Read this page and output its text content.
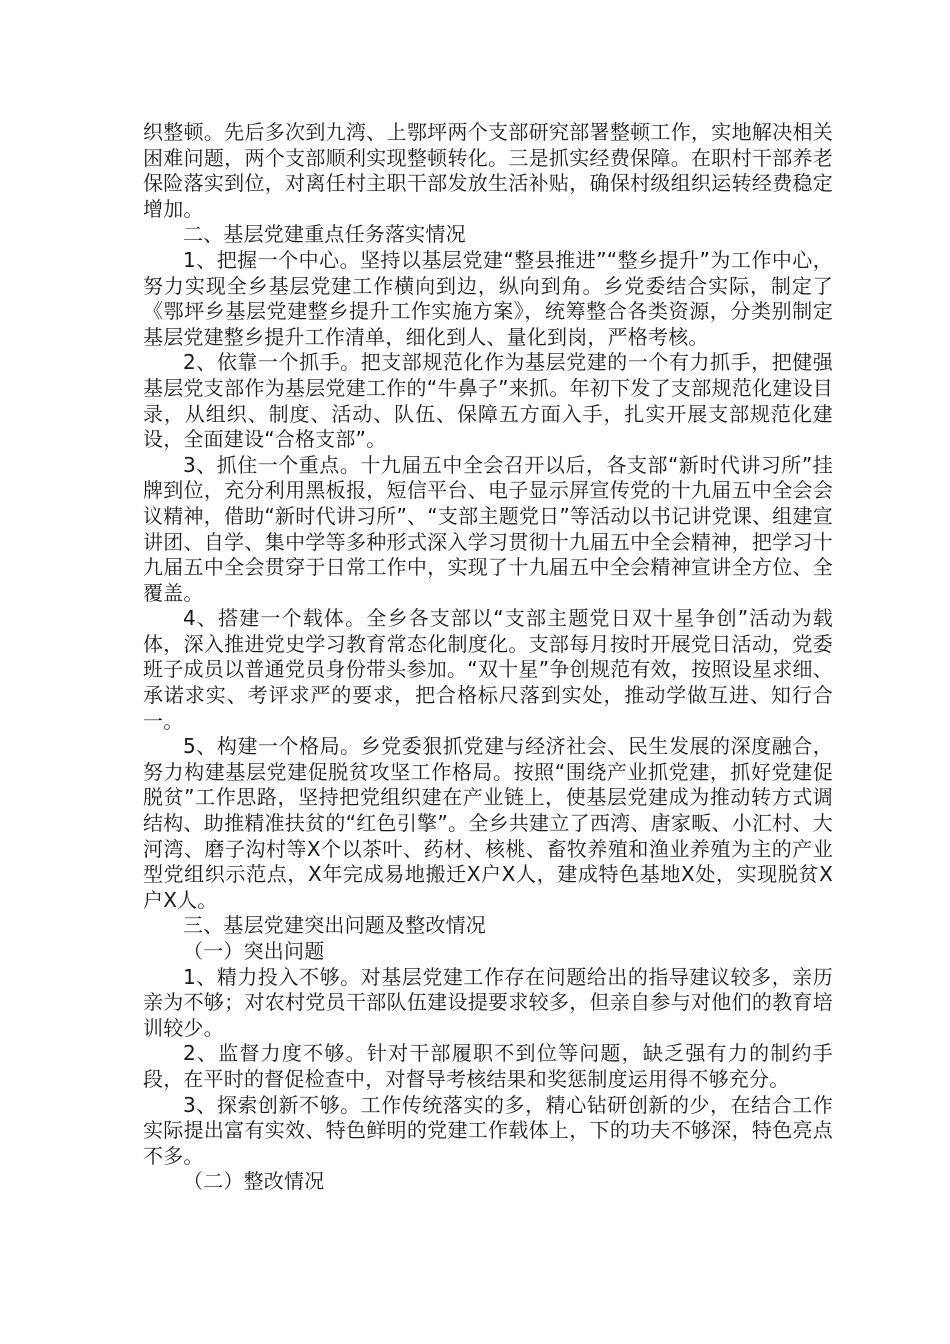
织整顿。先后多次到九湾、上鄂坪两个支部研究部署整顿工作，实地解决相关困难问题，两个支部顺利实现整顿转化。三是抓实经费保障。在职村干部养老保险落实到位，对离任村主职干部发放生活补贴，确保村级组织运转经费稳定增加。

二、基层党建重点任务落实情况

1、把握一个中心。坚持以基层党建“整县推进”“整乡提升”为工作中心，努力实现全乡基层党建工作横向到边，纵向到角。乡党委结合实际，制定了《鄂坪乡基层党建整乡提升工作实施方案》，统筹整合各类资源，分类别制定基层党建整乡提升工作清单，细化到人、量化到岗，严格考核。

2、依靠一个抓手。把支部规范化作为基层党建的一个有力抓手，把健强基层党支部作为基层党建工作的“牛鼻子”来抓。年初下发了支部规范化建设目录，从组织、制度、活动、队伍、保障五方面入手，扎实开展支部规范化建设，全面建设“合格支部”。

3、抓住一个重点。十九届五中全会召开以后，各支部“新时代讲习所”挂牌到位，充分利用黑板报，短信平台、电子显示屏宣传党的十九届五中全会会议精神，借助“新时代讲习所”、“支部主题党日”等活动以书记讲党课、组建宣讲团、自学、集中学等多种形式深入学习贯彻十九届五中全会精神，把学习十九届五中全会贯穿于日常工作中，实现了十九届五中全会精神宣讲全方位、全覆盖。

4、搭建一个载体。全乡各支部以“支部主题党日双十星争创”活动为载体，深入推进党史学习教育常态化制度化。支部每月按时开展党日活动，党委班子成员以普通党员身份带头参加。“双十星”争创规范有效，按照设星求细、承诺求实、考评求严的要求，把合格标尺落到实处，推动学做互进、知行合一。

5、构建一个格局。乡党委狠抓党建与经济社会、民生发展的深度融合，努力构建基层党建促脱贫攻坚工作格局。按照“围绕产业抓党建，抓好党建促脱贫”工作思路，坚持把党组织建在产业链上，使基层党建成为推动转方式调结构、助推精准扶贫的“红色引擎”。全乡共建立了西湾、唐家畈、小汇村、大河湾、磨子沟村等X个以茶叶、药材、核桃、畜牧养殖和渔业养殖为主的产业型党组织示范点，X年完成易地搬迁X户X人，建成特色基地X处，实现脱贫X户X人。

三、基层党建突出问题及整改情况

（一）突出问题

1、精力投入不够。对基层党建工作存在问题给出的指导建议较多，亲历亲为不够；对农村党员干部队伍建设提要求较多，但亲自参与对他们的教育培训较少。

2、监督力度不够。针对干部履职不到位等问题，缺乏强有力的制约手段，在平时的督促检查中，对督导考核结果和奖惩制度运用得不够充分。

3、探索创新不够。工作传统落实的多，精心钻研创新的少，在结合工作实际提出富有实效、特色鲜明的党建工作载体上，下的功夫不够深，特色亮点不多。

（二）整改情况
